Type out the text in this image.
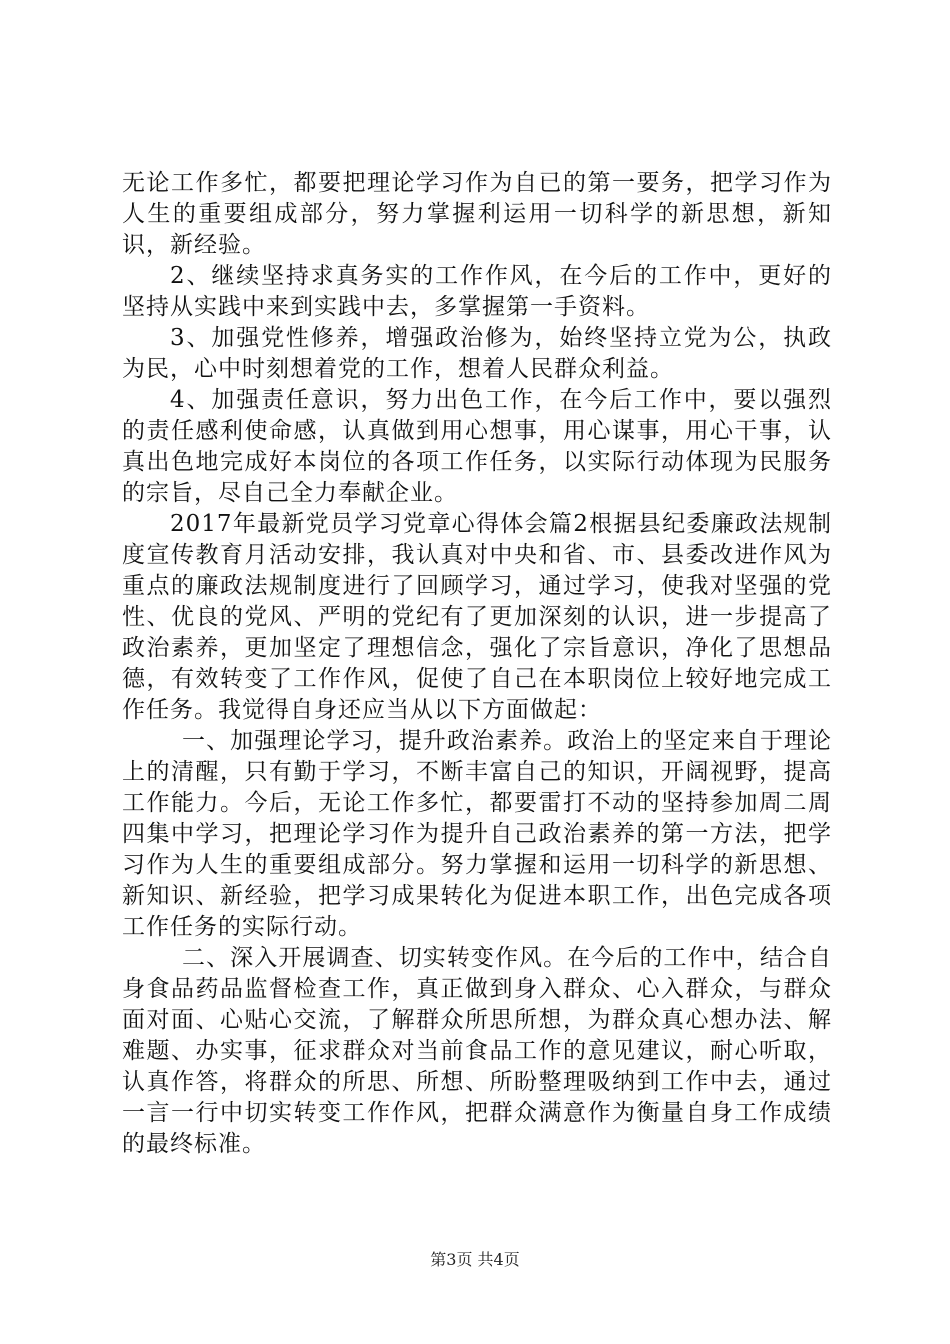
无论工作多忙，都要把理论学习作为自已的第一要务，把学习作为人生的重要组成部分，努力掌握利运用一切科学的新思想，新知识，新经验。

2、继续坚持求真务实的工作作风，在今后的工作中，更好的坚持从实践中来到实践中去，多掌握第一手资料。

3、加强党性修养，增强政治修为，始终坚持立党为公，执政为民，心中时刻想着党的工作，想着人民群众利益。

4、加强责任意识，努力出色工作，在今后工作中，要以强烈的责任感利使命感，认真做到用心想事，用心谋事，用心干事，认真出色地完成好本岗位的各项工作任务，以实际行动体现为民服务的宗旨，尽自己全力奉献企业。

2017年最新党员学习党章心得体会篇2根据县纪委廉政法规制度宣传教育月活动安排，我认真对中央和省、市、县委改进作风为重点的廉政法规制度进行了回顾学习，通过学习，使我对坚强的党性、优良的党风、严明的党纪有了更加深刻的认识，进一步提高了政治素养，更加坚定了理想信念，强化了宗旨意识，净化了思想品德，有效转变了工作作风，促使了自己在本职岗位上较好地完成工作任务。我觉得自身还应当从以下方面做起：

一、加强理论学习，提升政治素养。政治上的坚定来自于理论上的清醒，只有勤于学习，不断丰富自己的知识，开阔视野，提高工作能力。今后，无论工作多忙，都要雷打不动的坚持参加周二周四集中学习，把理论学习作为提升自己政治素养的第一方法，把学习作为人生的重要组成部分。努力掌握和运用一切科学的新思想、新知识、新经验，把学习成果转化为促进本职工作，出色完成各项工作任务的实际行动。

二、深入开展调查、切实转变作风。在今后的工作中，结合自身食品药品监督检查工作，真正做到身入群众、心入群众，与群众面对面、心贴心交流，了解群众所思所想，为群众真心想办法、解难题、办实事，征求群众对当前食品工作的意见建议，耐心听取，认真作答，将群众的所思、所想、所盼整理吸纳到工作中去，通过一言一行中切实转变工作作风，把群众满意作为衡量自身工作成绩的最终标准。

第3页 共4页
